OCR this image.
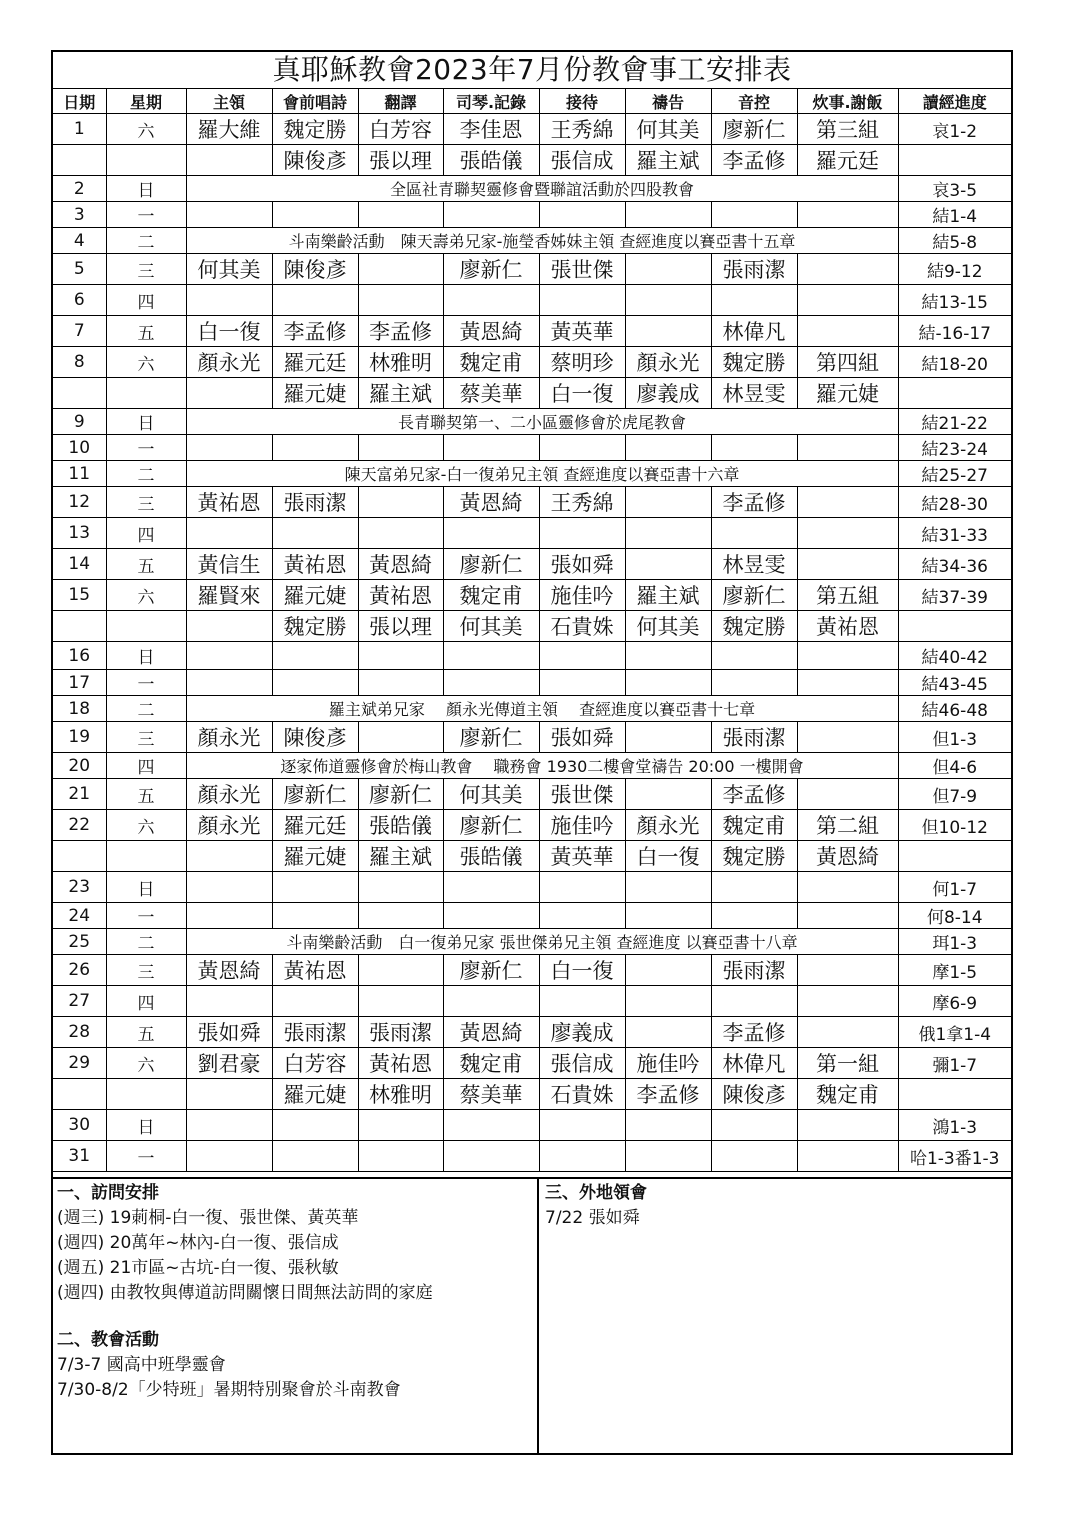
真耶穌教會2023年7月份教會事工安排表
日期	星期	主領	會前唱詩	翻譯	司琴.記錄	接待	禱告	音控	炊事.謝飯	讀經進度
1	六	羅大維	魏定勝	白芳容	李佳恩	王秀綿	何其美	廖新仁	第三組	哀1-2
			陳俊彥	張以理	張皓儀	張信成	羅主斌	李孟修	羅元廷	
2	日	全區社青聯契靈修會暨聯誼活動於四股教會								哀3-5
3	一									結1-4
4	二	斗南樂齡活動　陳天壽弟兄家-施瑩香姊妹主領 查經進度以賽亞書十五章								結5-8
5	三	何其美	陳俊彥		廖新仁	張世傑		張雨潔		結9-12
6	四									結13-15
7	五	白一復	李孟修	李孟修	黃恩綺	黃英華		林偉凡		結-16-17
8	六	顏永光	羅元廷	林雅明	魏定甫	蔡明珍	顏永光	魏定勝	第四組	結18-20
			羅元婕	羅主斌	蔡美華	白一復	廖義成	林昱雯	羅元婕	
9	日	長青聯契第一、二小區靈修會於虎尾教會								結21-22
10	一									結23-24
11	二	陳天富弟兄家-白一復弟兄主領 查經進度以賽亞書十六章								結25-27
12	三	黃祐恩	張雨潔		黃恩綺	王秀綿		李孟修		結28-30
13	四									結31-33
14	五	黃信生	黃祐恩	黃恩綺	廖新仁	張如舜		林昱雯		結34-36
15	六	羅賢來	羅元婕	黃祐恩	魏定甫	施佳吟	羅主斌	廖新仁	第五組	結37-39
			魏定勝	張以理	何其美	石貴姝	何其美	魏定勝	黃祐恩	
16	日									結40-42
17	一									結43-45
18	二	羅主斌弟兄家　 顏永光傳道主領　 查經進度以賽亞書十七章								結46-48
19	三	顏永光	陳俊彥		廖新仁	張如舜		張雨潔		但1-3
20	四	逐家佈道靈修會於梅山教會　 職務會 1930二樓會堂禱告 20:00 一樓開會								但4-6
21	五	顏永光	廖新仁	廖新仁	何其美	張世傑		李孟修		但7-9
22	六	顏永光	羅元廷	張皓儀	廖新仁	施佳吟	顏永光	魏定甫	第二組	但10-12
			羅元婕	羅主斌	張皓儀	黃英華	白一復	魏定勝	黃恩綺	
23	日									何1-7
24	一									何8-14
25	二	斗南樂齡活動　白一復弟兄家 張世傑弟兄主領 查經進度 以賽亞書十八章								珥1-3
26	三	黃恩綺	黃祐恩		廖新仁	白一復		張雨潔		摩1-5
27	四									摩6-9
28	五	張如舜	張雨潔	張雨潔	黃恩綺	廖義成		李孟修		俄1拿1-4
29	六	劉君豪	白芳容	黃祐恩	魏定甫	張信成	施佳吟	林偉凡	第一組	彌1-7
			羅元婕	林雅明	蔡美華	石貴姝	李孟修	陳俊彥	魏定甫	
30	日									鴻1-3
31	一									哈1-3番1-3
一、訪問安排
(週三) 19莿桐-白一復、張世傑、黃英華
(週四) 20萬年~林內-白一復、張信成
(週五) 21市區~古坑-白一復、張秋敏
(週四) 由教牧與傳道訪問關懷日間無法訪問的家庭
二、教會活動
7/3-7 國高中班學靈會
7/30-8/2「少特班」暑期特別聚會於斗南教會
三、外地領會
7/22 張如舜
